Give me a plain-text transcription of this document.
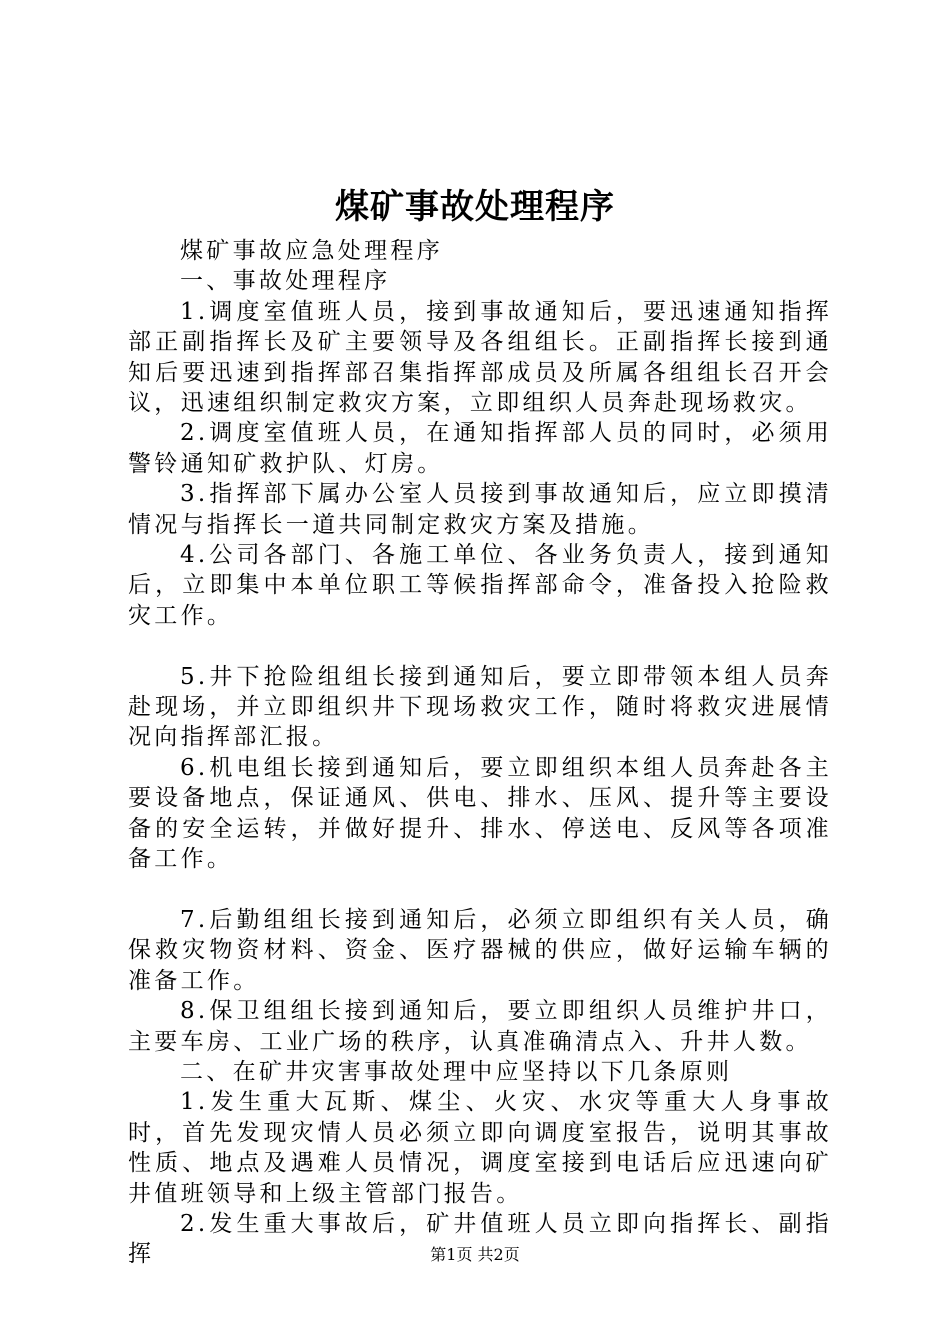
煤矿事故处理程序

煤矿事故应急处理程序

一、事故处理程序

1.调度室值班人员，接到事故通知后，要迅速通知指挥部正副指挥长及矿主要领导及各组组长。正副指挥长接到通知后要迅速到指挥部召集指挥部成员及所属各组组长召开会议，迅速组织制定救灾方案，立即组织人员奔赴现场救灾。

2.调度室值班人员，在通知指挥部人员的同时，必须用警铃通知矿救护队、灯房。

3.指挥部下属办公室人员接到事故通知后，应立即摸清情况与指挥长一道共同制定救灾方案及措施。

4.公司各部门、各施工单位、各业务负责人，接到通知后，立即集中本单位职工等候指挥部命令，准备投入抢险救灾工作。

5.井下抢险组组长接到通知后，要立即带领本组人员奔赴现场，并立即组织井下现场救灾工作，随时将救灾进展情况向指挥部汇报。

6.机电组长接到通知后，要立即组织本组人员奔赴各主要设备地点，保证通风、供电、排水、压风、提升等主要设备的安全运转，并做好提升、排水、停送电、反风等各项准备工作。

7.后勤组组长接到通知后，必须立即组织有关人员，确保救灾物资材料、资金、医疗器械的供应，做好运输车辆的准备工作。

8.保卫组组长接到通知后，要立即组织人员维护井口，主要车房、工业广场的秩序，认真准确清点入、升井人数。

二、在矿井灾害事故处理中应坚持以下几条原则

1.发生重大瓦斯、煤尘、火灾、水灾等重大人身事故时，首先发现灾情人员必须立即向调度室报告，说明其事故性质、地点及遇难人员情况，调度室接到电话后应迅速向矿井值班领导和上级主管部门报告。

2.发生重大事故后，矿井值班人员立即向指挥长、副指挥	第1页 共2页
